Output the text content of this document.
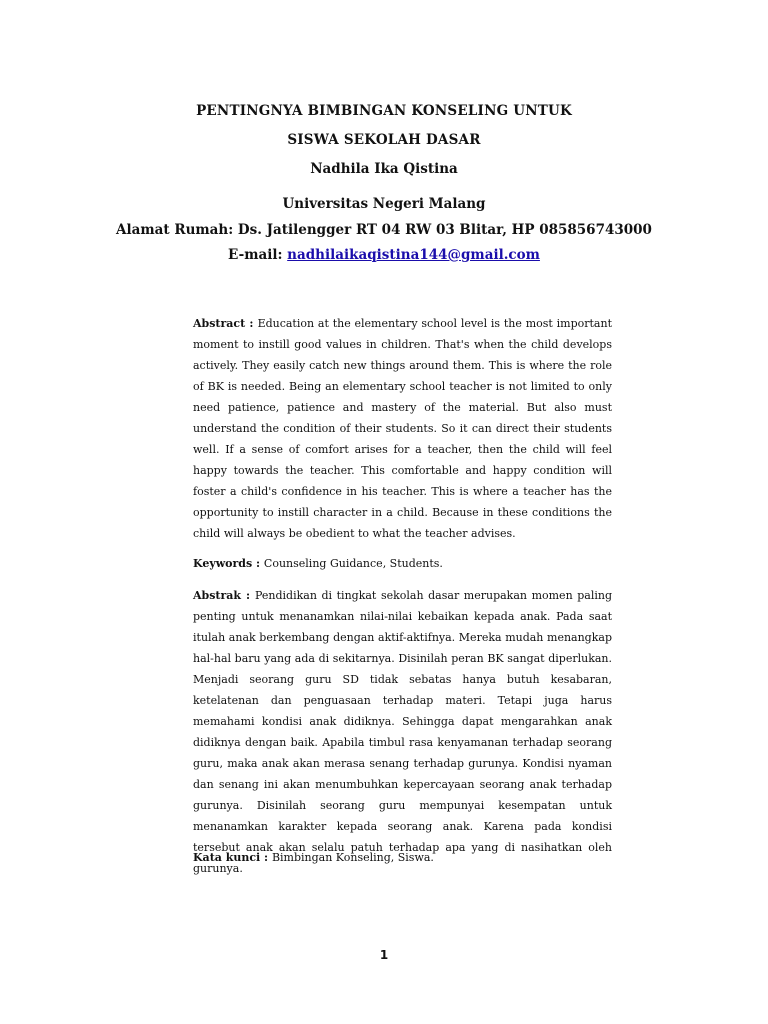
PENTINGNYA BIMBINGAN KONSELING UNTUK
SISWA SEKOLAH DASAR
Nadhila Ika Qistina
Universitas Negeri Malang
Alamat Rumah: Ds. Jatilengger RT 04 RW 03 Blitar, HP 085856743000
E-mail: nadhilaikaqistina144@gmail.com
Abstract : Education at the elementary school level is the most important moment to instill good values in children. That's when the child develops actively. They easily catch new things around them. This is where the role of BK is needed. Being an elementary school teacher is not limited to only need patience, patience and mastery of the material. But also must understand the condition of their students. So it can direct their students well. If a sense of comfort arises for a teacher, then the child will feel happy towards the teacher. This comfortable and happy condition will foster a child's confidence in his teacher. This is where a teacher has the opportunity to instill character in a child. Because in these conditions the child will always be obedient to what the teacher advises.
Keywords : Counseling Guidance, Students.
Abstrak : Pendidikan di tingkat sekolah dasar merupakan momen paling penting untuk menanamkan nilai-nilai kebaikan kepada anak. Pada saat itulah anak berkembang dengan aktif-aktifnya. Mereka mudah menangkap hal-hal baru yang ada di sekitarnya. Disinilah peran BK sangat diperlukan. Menjadi seorang guru SD tidak sebatas hanya butuh kesabaran, ketelatenan dan penguasaan terhadap materi. Tetapi juga harus memahami kondisi anak didiknya. Sehingga dapat mengarahkan anak didiknya dengan baik. Apabila timbul rasa kenyamanan terhadap seorang guru, maka anak akan merasa senang terhadap gurunya. Kondisi nyaman dan senang ini akan menumbuhkan kepercayaan seorang anak terhadap gurunya. Disinilah seorang guru mempunyai kesempatan untuk menanamkan karakter kepada seorang anak. Karena pada kondisi tersebut anak akan selalu patuh terhadap apa yang di nasihatkan oleh gurunya.
Kata kunci : Bimbingan Konseling, Siswa.
1
